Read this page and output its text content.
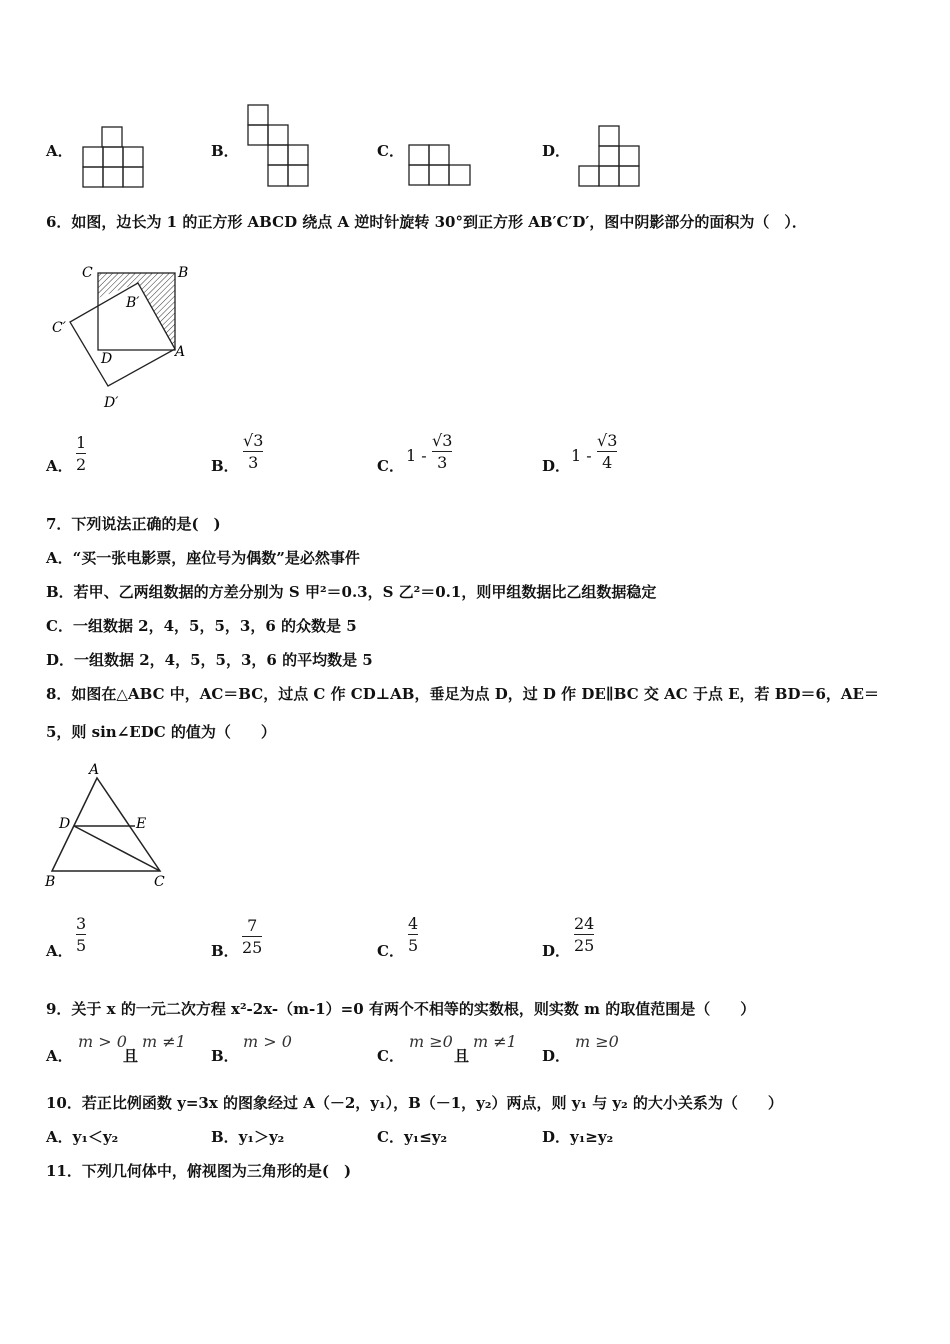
A．	B．	C．	D．
6．如图，边长为 1 的正方形 ABCD 绕点 A 逆时针旋转 30°到正方形 AB′C′D′，图中阴影部分的面积为（　）．
C	B
B′
C′
D	A
D′
A．
1
2	B．
√3
3	C．
1 -
√3
3	D．
1 -
√3
4
7．下列说法正确的是(　)
A．“买一张电影票，座位号为偶数”是必然事件
B．若甲、乙两组数据的方差分别为 S 甲²＝0.3，S 乙²＝0.1，则甲组数据比乙组数据稳定
C．一组数据 2，4，5，5，3，6 的众数是 5
D．一组数据 2，4，5，5，3，6 的平均数是 5
8．如图在△ABC 中，AC＝BC，过点 C 作 CD⊥AB，垂足为点 D，过 D 作 DE∥BC 交 AC 于点 E，若 BD＝6，AE＝
5，则 sin∠EDC 的值为（　　）
A
D	E
B	C
A．
3
5	B．
7
25	C．
4
5	D．
24
25
9．关于 x 的一元二次方程 x²-2x-（m-1）=0 有两个不相等的实数根，则实数 m 的取值范围是（　　）
A．
m > 0
且
m ≠1
B．
m > 0
C．
m ≥0
且
m ≠1
D．
m ≥0
10．若正比例函数 y=3x 的图象经过 A（－2，y₁），B（－1，y₂）两点，则 y₁ 与 y₂ 的大小关系为（　　）
A．y₁＜y₂	B．y₁＞y₂	C．y₁≤y₂	D．y₁≥y₂
11．下列几何体中，俯视图为三角形的是(　)
